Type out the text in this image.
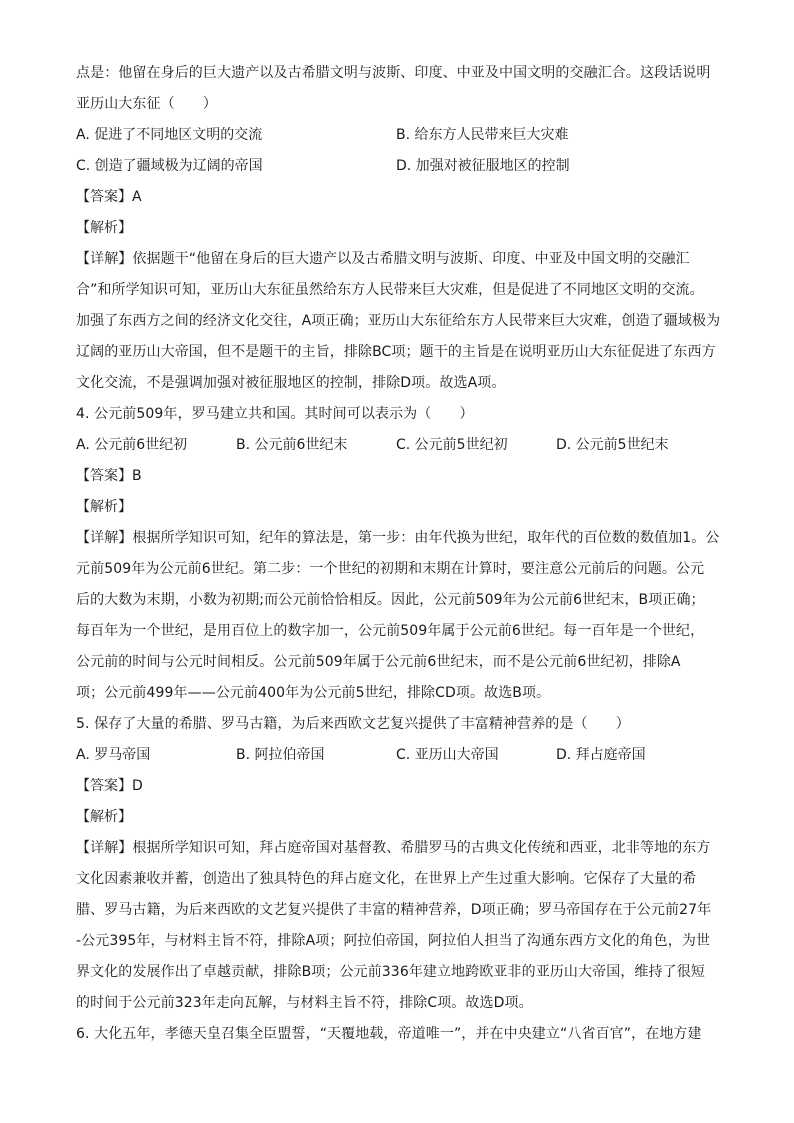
点是：他留在身后的巨大遗产以及古希腊文明与波斯、印度、中亚及中国文明的交融汇合。这段话说明
亚历山大东征（　　）
A. 促进了不同地区文明的交流	B. 给东方人民带来巨大灾难
C. 创造了疆域极为辽阔的帝国	D. 加强对被征服地区的控制
【答案】A
【解析】
【详解】依据题干“他留在身后的巨大遗产以及古希腊文明与波斯、印度、中亚及中国文明的交融汇
合”和所学知识可知，亚历山大东征虽然给东方人民带来巨大灾难，但是促进了不同地区文明的交流。
加强了东西方之间的经济文化交往，A项正确；亚历山大东征给东方人民带来巨大灾难，创造了疆域极为
辽阔的亚历山大帝国，但不是题干的主旨，排除BC项；题干的主旨是在说明亚历山大东征促进了东西方
文化交流，不是强调加强对被征服地区的控制，排除D项。故选A项。
4. 公元前509年，罗马建立共和国。其时间可以表示为（　　）
A. 公元前6世纪初	B. 公元前6世纪末	C. 公元前5世纪初	D. 公元前5世纪末
【答案】B
【解析】
【详解】根据所学知识可知，纪年的算法是，第一步：由年代换为世纪，取年代的百位数的数值加1。公
元前509年为公元前6世纪。第二步：一个世纪的初期和末期在计算时，要注意公元前后的问题。公元
后的大数为末期，小数为初期;而公元前恰恰相反。因此，公元前509年为公元前6世纪末，B项正确；
每百年为一个世纪，是用百位上的数字加一，公元前509年属于公元前6世纪。每一百年是一个世纪，
公元前的时间与公元时间相反。公元前509年属于公元前6世纪末，而不是公元前6世纪初，排除A
项；公元前499年——公元前400年为公元前5世纪，排除CD项。故选B项。
5. 保存了大量的希腊、罗马古籍，为后来西欧文艺复兴提供了丰富精神营养的是（　　）
A. 罗马帝国	B. 阿拉伯帝国	C. 亚历山大帝国	D. 拜占庭帝国
【答案】D
【解析】
【详解】根据所学知识可知，拜占庭帝国对基督教、希腊罗马的古典文化传统和西亚，北非等地的东方
文化因素兼收并蓄，创造出了独具特色的拜占庭文化，在世界上产生过重大影响。它保存了大量的希
腊、罗马古籍，为后来西欧的文艺复兴提供了丰富的精神营养，D项正确；罗马帝国存在于公元前27年
-公元395年，与材料主旨不符，排除A项；阿拉伯帝国，阿拉伯人担当了沟通东西方文化的角色，为世
界文化的发展作出了卓越贡献，排除B项；公元前336年建立地跨欧亚非的亚历山大帝国，维持了很短
的时间于公元前323年走向瓦解，与材料主旨不符，排除C项。故选D项。
6. 大化五年，孝德天皇召集全臣盟誓，“天覆地载，帝道唯一”，并在中央建立“八省百官”，在地方建
